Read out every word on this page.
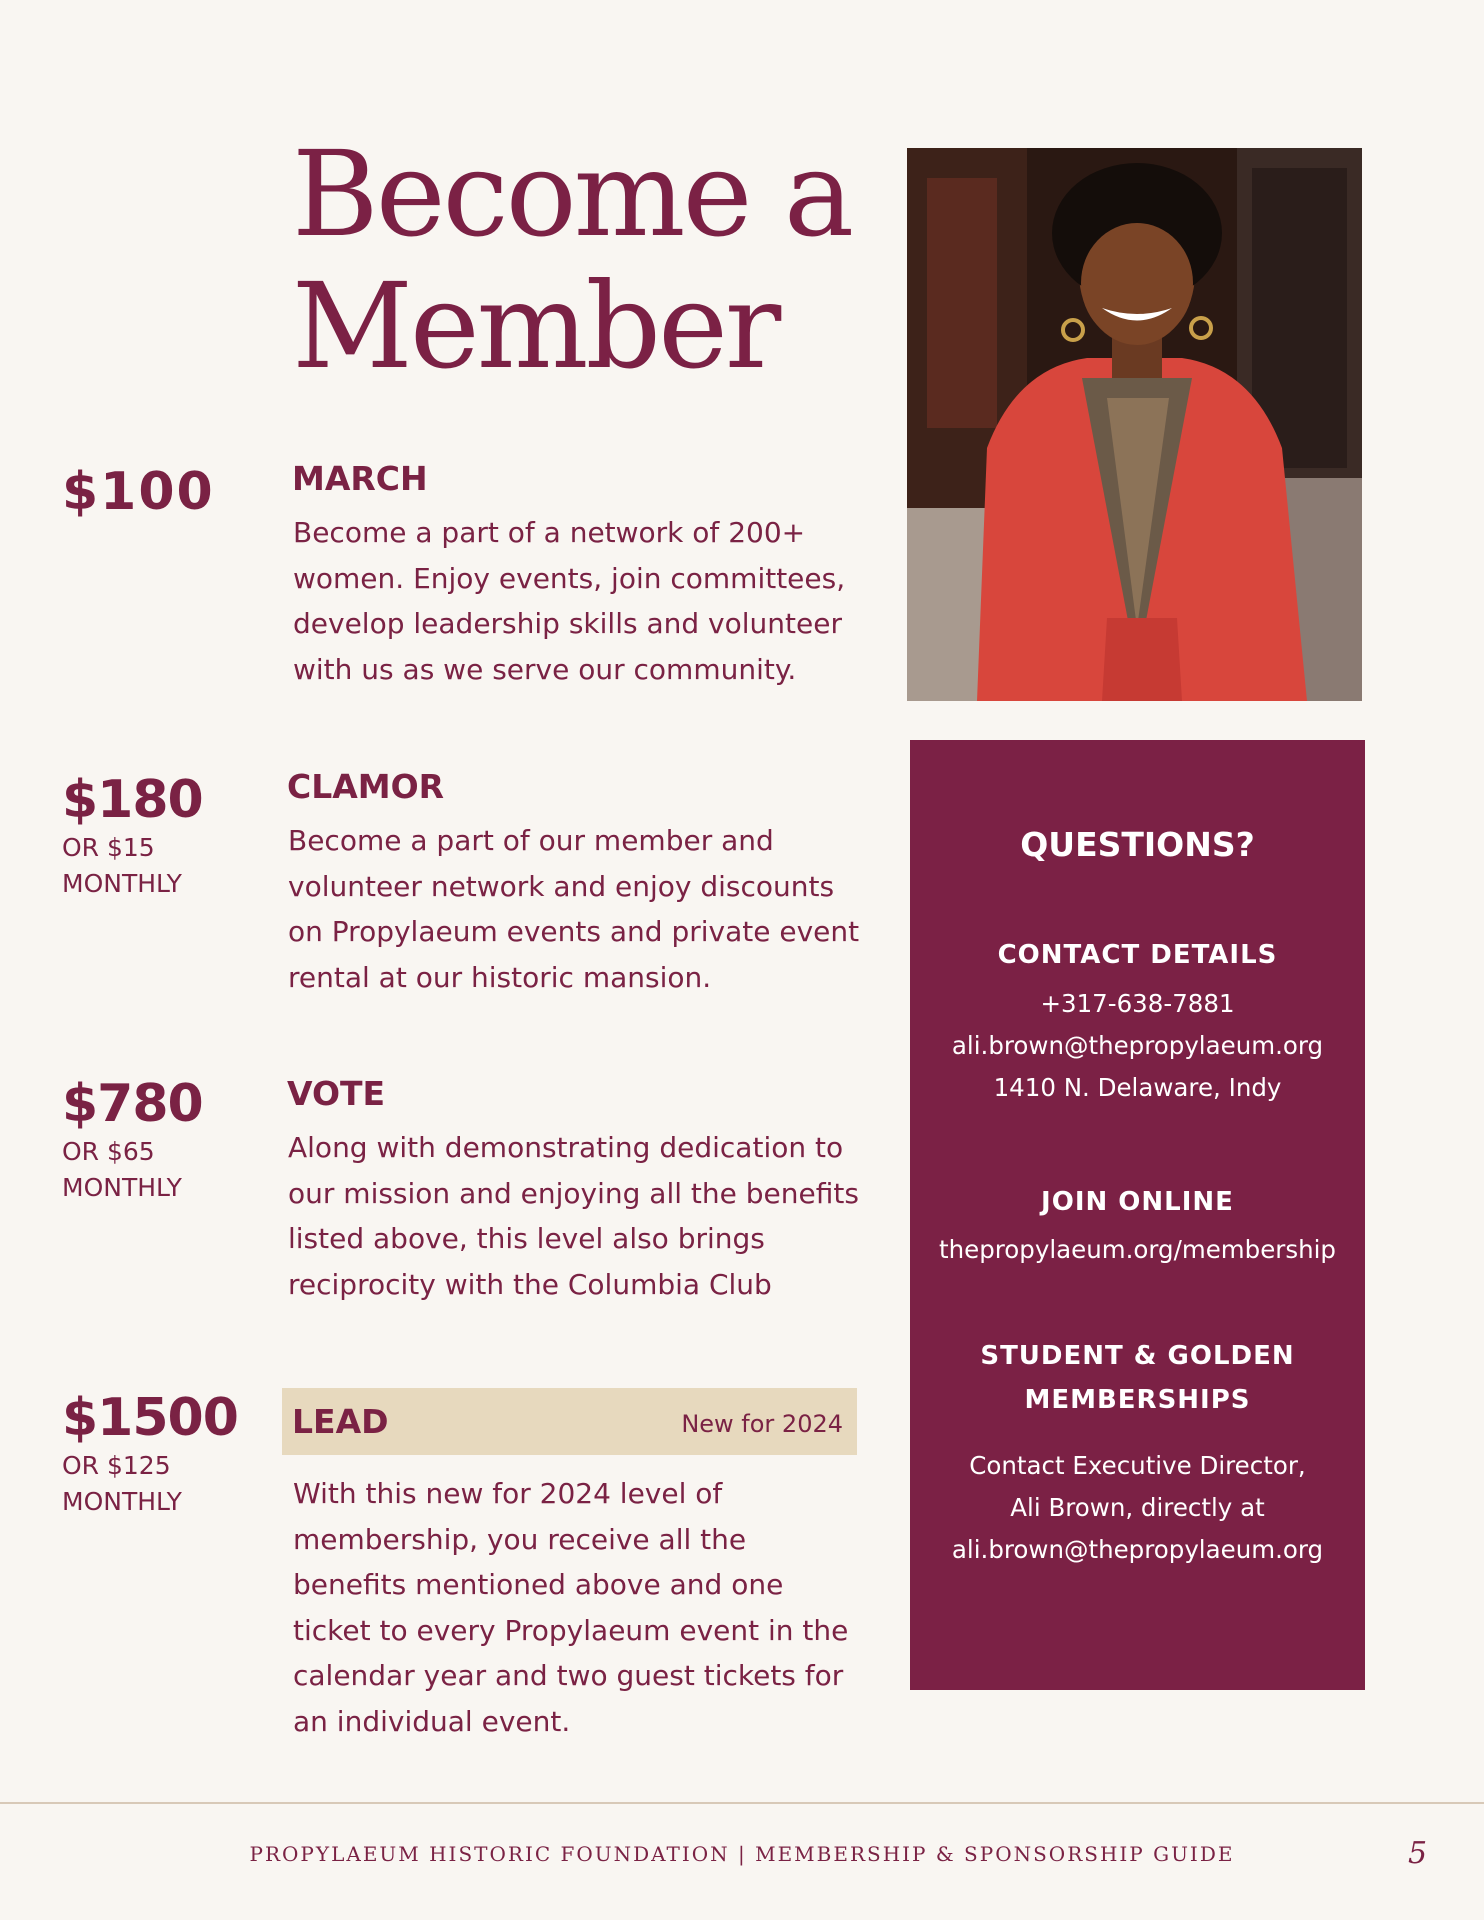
Become a
Member
$100 MARCH

Become a part of a network of 200+ women. Enjoy events, join committees, develop leadership skills and volunteer with us as we serve our community.

$180
OR $15 MONTHLY
CLAMOR

Become a part of our member and volunteer network and enjoy discounts on Propylaeum events and private event rental at our historic mansion.

$780
OR $65 MONTHLY
VOTE

Along with demonstrating dedication to our mission and enjoying all the benefits listed above, this level also brings reciprocity with the Columbia Club

$1500
OR $125 MONTHLY
LEAD	New for 2024

With this new for 2024 level of membership, you receive all the benefits mentioned above and one ticket to every Propylaeum event in the calendar year and two guest tickets for an individual event.

QUESTIONS?
CONTACT DETAILS
+317-638-7881
ali.brown@thepropylaeum.org
1410 N. Delaware, Indy
JOIN ONLINE
thepropylaeum.org/membership
STUDENT & GOLDEN
MEMBERSHIPS
Contact Executive Director,
Ali Brown, directly at
ali.brown@thepropylaeum.org
PROPYLAEUM HISTORIC FOUNDATION | MEMBERSHIP & SPONSORSHIP GUIDE	5
